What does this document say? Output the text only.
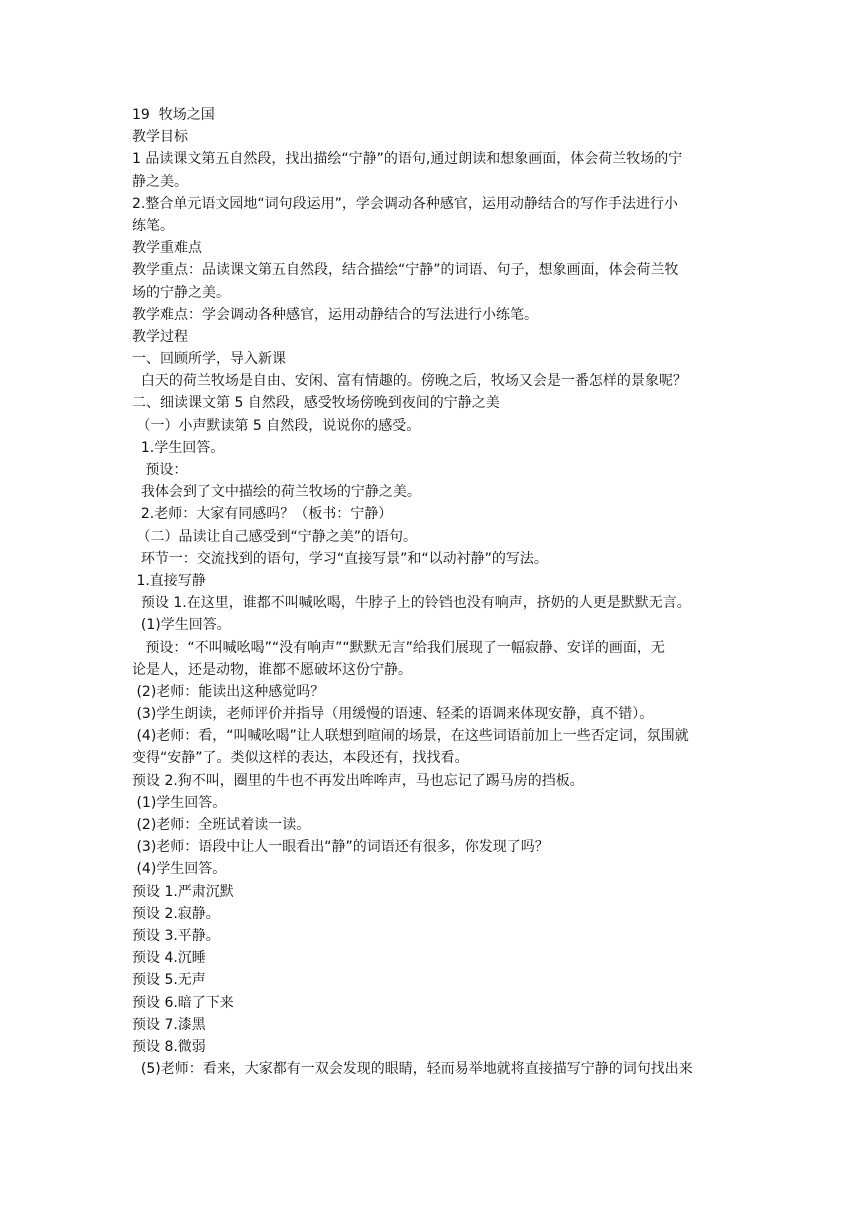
19  牧场之国
教学目标
1 品读课文第五自然段，找出描绘“宁静”的语句,通过朗读和想象画面，体会荷兰牧场的宁
静之美。
2.整合单元语文园地“词句段运用”，学会调动各种感官，运用动静结合的写作手法进行小
练笔。
教学重难点
教学重点：品读课文第五自然段，结合描绘“宁静”的词语、句子，想象画面，体会荷兰牧
场的宁静之美。
教学难点：学会调动各种感官，运用动静结合的写法进行小练笔。
教学过程
一、回顾所学，导入新课
白天的荷兰牧场是自由、安闲、富有情趣的。傍晚之后，牧场又会是一番怎样的景象呢？
二、细读课文第 5 自然段，感受牧场傍晚到夜间的宁静之美
（一）小声默读第 5 自然段，说说你的感受。
1.学生回答。
预设：
我体会到了文中描绘的荷兰牧场的宁静之美。
2.老师：大家有同感吗？（板书：宁静）
（二）品读让自己感受到“宁静之美”的语句。
环节一：交流找到的语句，学习“直接写景”和“以动衬静”的写法。
1.直接写静
预设 1.在这里，谁都不叫喊吆喝，牛脖子上的铃铛也没有响声，挤奶的人更是默默无言。
(1)学生回答。
预设：“不叫喊吆喝”“没有响声”“默默无言”给我们展现了一幅寂静、安详的画面，无
论是人，还是动物，谁都不愿破坏这份宁静。
(2)老师：能读出这种感觉吗？
(3)学生朗读，老师评价并指导（用缓慢的语速、轻柔的语调来体现安静，真不错）。
(4)老师：看，“叫喊吆喝”让人联想到喧闹的场景，在这些词语前加上一些否定词，氛围就
变得“安静”了。类似这样的表达，本段还有，找找看。
预设 2.狗不叫，圈里的牛也不再发出哞哞声，马也忘记了踢马房的挡板。
(1)学生回答。
(2)老师：全班试着读一读。
(3)老师：语段中让人一眼看出“静”的词语还有很多，你发现了吗？
(4)学生回答。
预设 1.严肃沉默
预设 2.寂静。
预设 3.平静。
预设 4.沉睡
预设 5.无声
预设 6.暗了下来
预设 7.漆黑
预设 8.微弱
(5)老师：看来，大家都有一双会发现的眼睛，轻而易举地就将直接描写宁静的词句找出来
